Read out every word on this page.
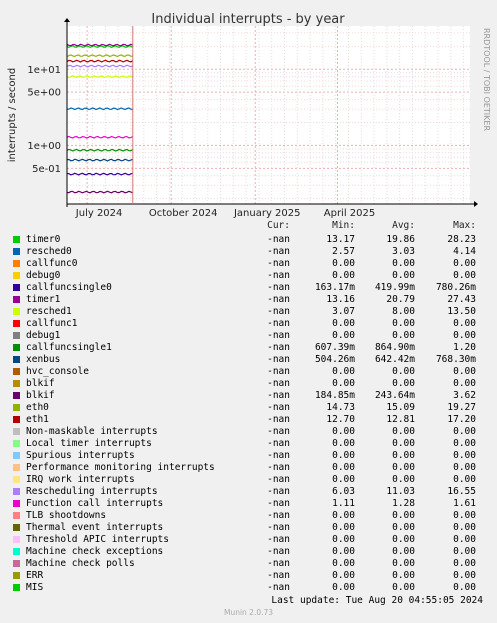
Individual interrupts - by year
interrupts / second	RRDTOOL / TOBI OETIKER
1e+01
5e+00
1e+00
5e-01
July 2024	October 2024 January 2025 April 2025
Cur:	Min:	Avg:	Max:
timer0	-nan	13.17	19.86	28.23
resched0	-nan	2.57	3.03	4.14
callfunc0	-nan	0.00	0.00	0.00
debug0	-nan	0.00	0.00	0.00
callfuncsingle0	-nan	163.17m 419.99m 780.26m
timer1	-nan	13.16	20.79	27.43
resched1	-nan	3.07	8.00	13.50
callfunc1	-nan	0.00	0.00	0.00
debug1	-nan	0.00	0.00	0.00
callfuncsingle1	-nan	607.39m 864.90m	1.20
xenbus	-nan	504.26m 642.42m 768.30m
hvc_console	-nan	0.00	0.00	0.00
blkif	-nan	0.00	0.00	0.00
blkif	-nan	184.85m 243.64m	3.62
eth0	-nan	14.73	15.09	19.27
eth1	-nan	12.70	12.81	17.20
Non-maskable interrupts	-nan	0.00	0.00	0.00
Local timer interrupts	-nan	0.00	0.00	0.00
Spurious interrupts	-nan	0.00	0.00	0.00
Performance monitoring interrupts	-nan	0.00	0.00	0.00
IRQ work interrupts	-nan	0.00	0.00	0.00
Rescheduling interrupts	-nan	6.03	11.03	16.55
Function call interrupts	-nan	1.11	1.28	1.61
TLB shootdowns	-nan	0.00	0.00	0.00
Thermal event interrupts	-nan	0.00	0.00	0.00
Threshold APIC interrupts	-nan	0.00	0.00	0.00
Machine check exceptions	-nan	0.00	0.00	0.00
Machine check polls	-nan	0.00	0.00	0.00
ERR	-nan	0.00	0.00	0.00
MIS	-nan	0.00	0.00	0.00
Last update: Tue Aug 20 04:55:05 2024
Munin 2.0.73
